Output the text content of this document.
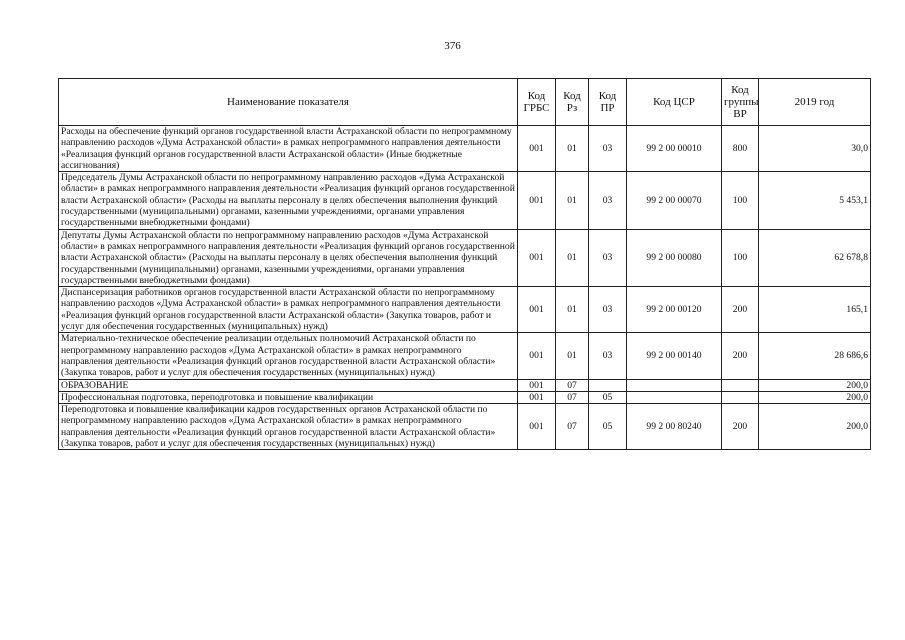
376
Наименование показателя	Код ГРБС	Код Рз	Код ПР	Код ЦСР	Код группы ВР	2019 год
Расходы на обеспечение функций органов государственной власти Астраханской области по непрограммному направлению расходов «Дума Астраханской области» в рамках непрограммного направления деятельности «Реализация функций органов государственной власти Астраханской области» (Иные бюджетные ассигнования)	001	01	03	99 2 00 00010	800	30,0
Председатель Думы Астраханской области по непрограммному направлению расходов «Дума Астраханской области» в рамках непрограммного направления деятельности «Реализация функций органов государственной власти Астраханской области» (Расходы на выплаты персоналу в целях обеспечения выполнения функций государственными (муниципальными) органами, казенными учреждениями, органами управления государственными внебюджетными фондами)	001	01	03	99 2 00 00070	100	5 453,1
Депутаты Думы Астраханской области по непрограммному направлению расходов «Дума Астраханской области» в рамках непрограммного направления деятельности «Реализация функций органов государственной власти Астраханской области» (Расходы на выплаты персоналу в целях обеспечения выполнения функций государственными (муниципальными) органами, казенными учреждениями, органами управления государственными внебюджетными фондами)	001	01	03	99 2 00 00080	100	62 678,8
Диспансеризация работников органов государственной власти Астраханской области по непрограммному направлению расходов «Дума Астраханской области» в рамках непрограммного направления деятельности «Реализация функций органов государственной власти Астраханской области» (Закупка товаров, работ и услуг для обеспечения государственных (муниципальных) нужд)	001	01	03	99 2 00 00120	200	165,1
Материально-техническое обеспечение реализации отдельных полномочий Астраханской области по непрограммному направлению расходов «Дума Астраханской области» в рамках непрограммного направления деятельности «Реализация функций органов государственной власти Астраханской области» (Закупка товаров, работ и услуг для обеспечения государственных (муниципальных) нужд)	001	01	03	99 2 00 00140	200	28 686,6
ОБРАЗОВАНИЕ	001	07				200,0
Профессиональная подготовка, переподготовка и повышение квалификации	001	07	05			200,0
Переподготовка и повышение квалификации кадров государственных органов Астраханской области по непрограммному направлению расходов «Дума Астраханской области» в рамках непрограммного направления деятельности «Реализация функций органов государственной власти Астраханской области» (Закупка товаров, работ и услуг для обеспечения государственных (муниципальных) нужд)	001	07	05	99 2 00 80240	200	200,0
